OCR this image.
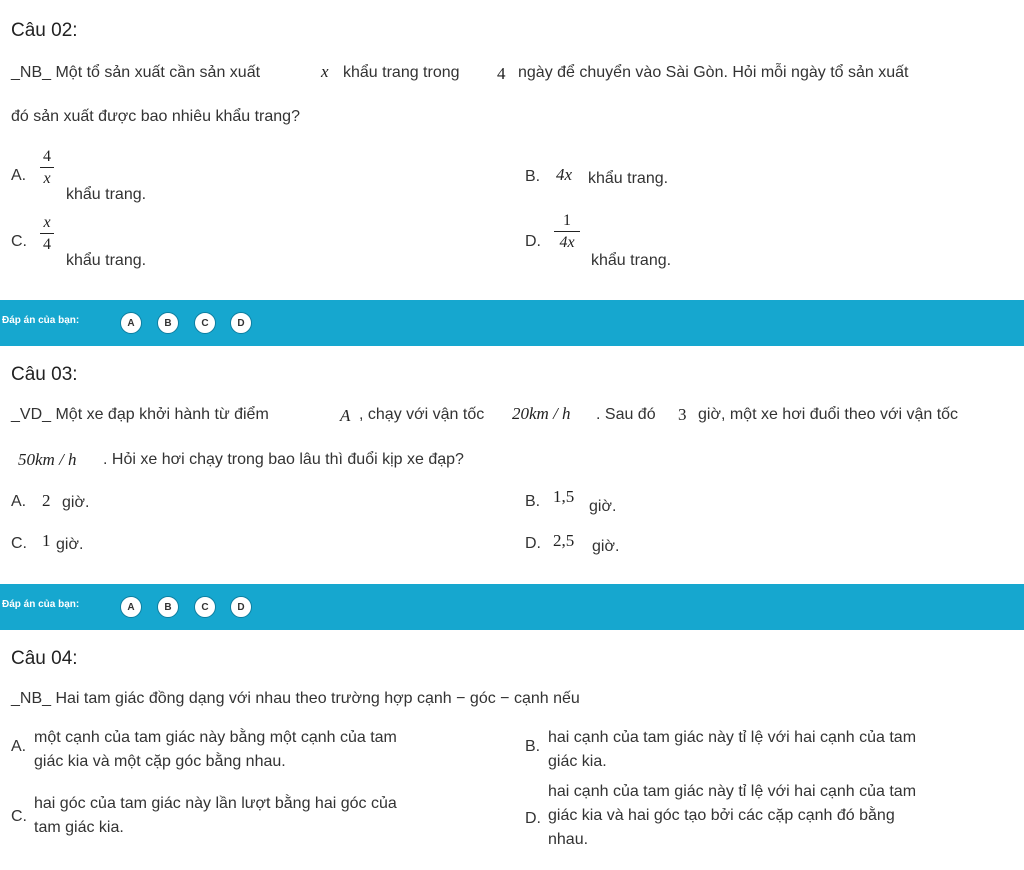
Câu 02:
_NB_ Một tổ sản xuất cần sản xuất	x khẩu trang trong 4 ngày để chuyển vào Sài Gòn. Hỏi mỗi ngày tổ sản xuất
đó sản xuất được bao nhiêu khẩu trang?
A.
4
x
khẩu trang.
B. 4x khẩu trang.
C.
x
4
khẩu trang.
D.
1
4x
khẩu trang.
Đáp án của bạn:	A	B	C	D
Câu 03:
_VD_ Một xe đạp khởi hành từ điểm	A , chạy với vận tốc 20km / h . Sau đó 3 giờ, một xe hơi đuổi theo với vận tốc
50km / h . Hỏi xe hơi chạy trong bao lâu thì đuổi kịp xe đạp?
A. 2 giờ.	B. 1,5
giờ.
C. 1 giờ.	D. 2,5 giờ.
Đáp án của bạn:	A	B	C	D
Câu 04:
_NB_ Hai tam giác đồng dạng với nhau theo trường hợp cạnh − góc − cạnh nếu
A.
một cạnh của tam giác này bằng một cạnh của tam
giác kia và một cặp góc bằng nhau.
B.
hai cạnh của tam giác này tỉ lệ với hai cạnh của tam
giác kia.
C.
hai góc của tam giác này lần lượt bằng hai góc của
tam giác kia.
D.
hai cạnh của tam giác này tỉ lệ với hai cạnh của tam
giác kia và hai góc tạo bởi các cặp cạnh đó bằng
nhau.
